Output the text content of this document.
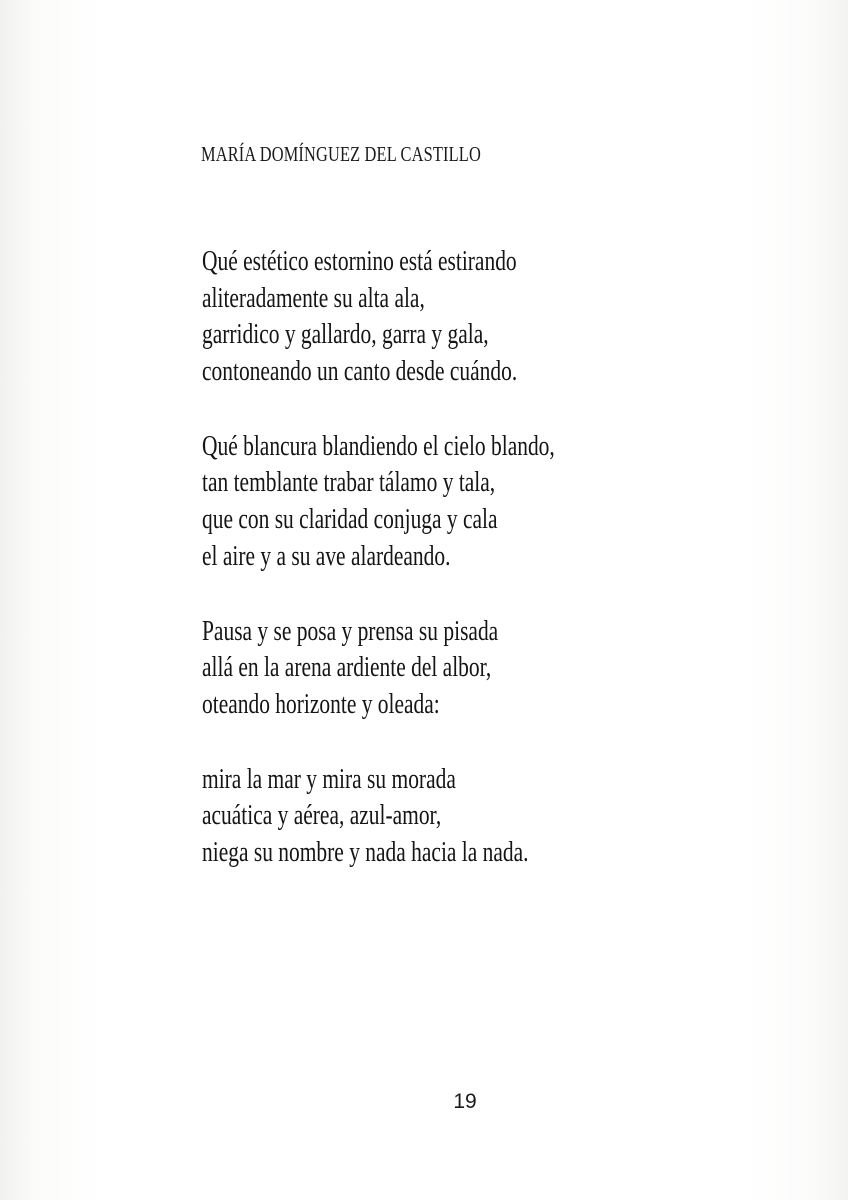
MARÍA DOMÍNGUEZ DEL CASTILLO
Qué estético estornino está estirando
aliteradamente su alta ala,
garridico y gallardo, garra y gala,
contoneando un canto desde cuándo.
Qué blancura blandiendo el cielo blando,
tan temblante trabar tálamo y tala,
que con su claridad conjuga y cala
el aire y a su ave alardeando.
Pausa y se posa y prensa su pisada
allá en la arena ardiente del albor,
oteando horizonte y oleada:
mira la mar y mira su morada
acuática y aérea, azul-amor,
niega su nombre y nada hacia la nada.
19
